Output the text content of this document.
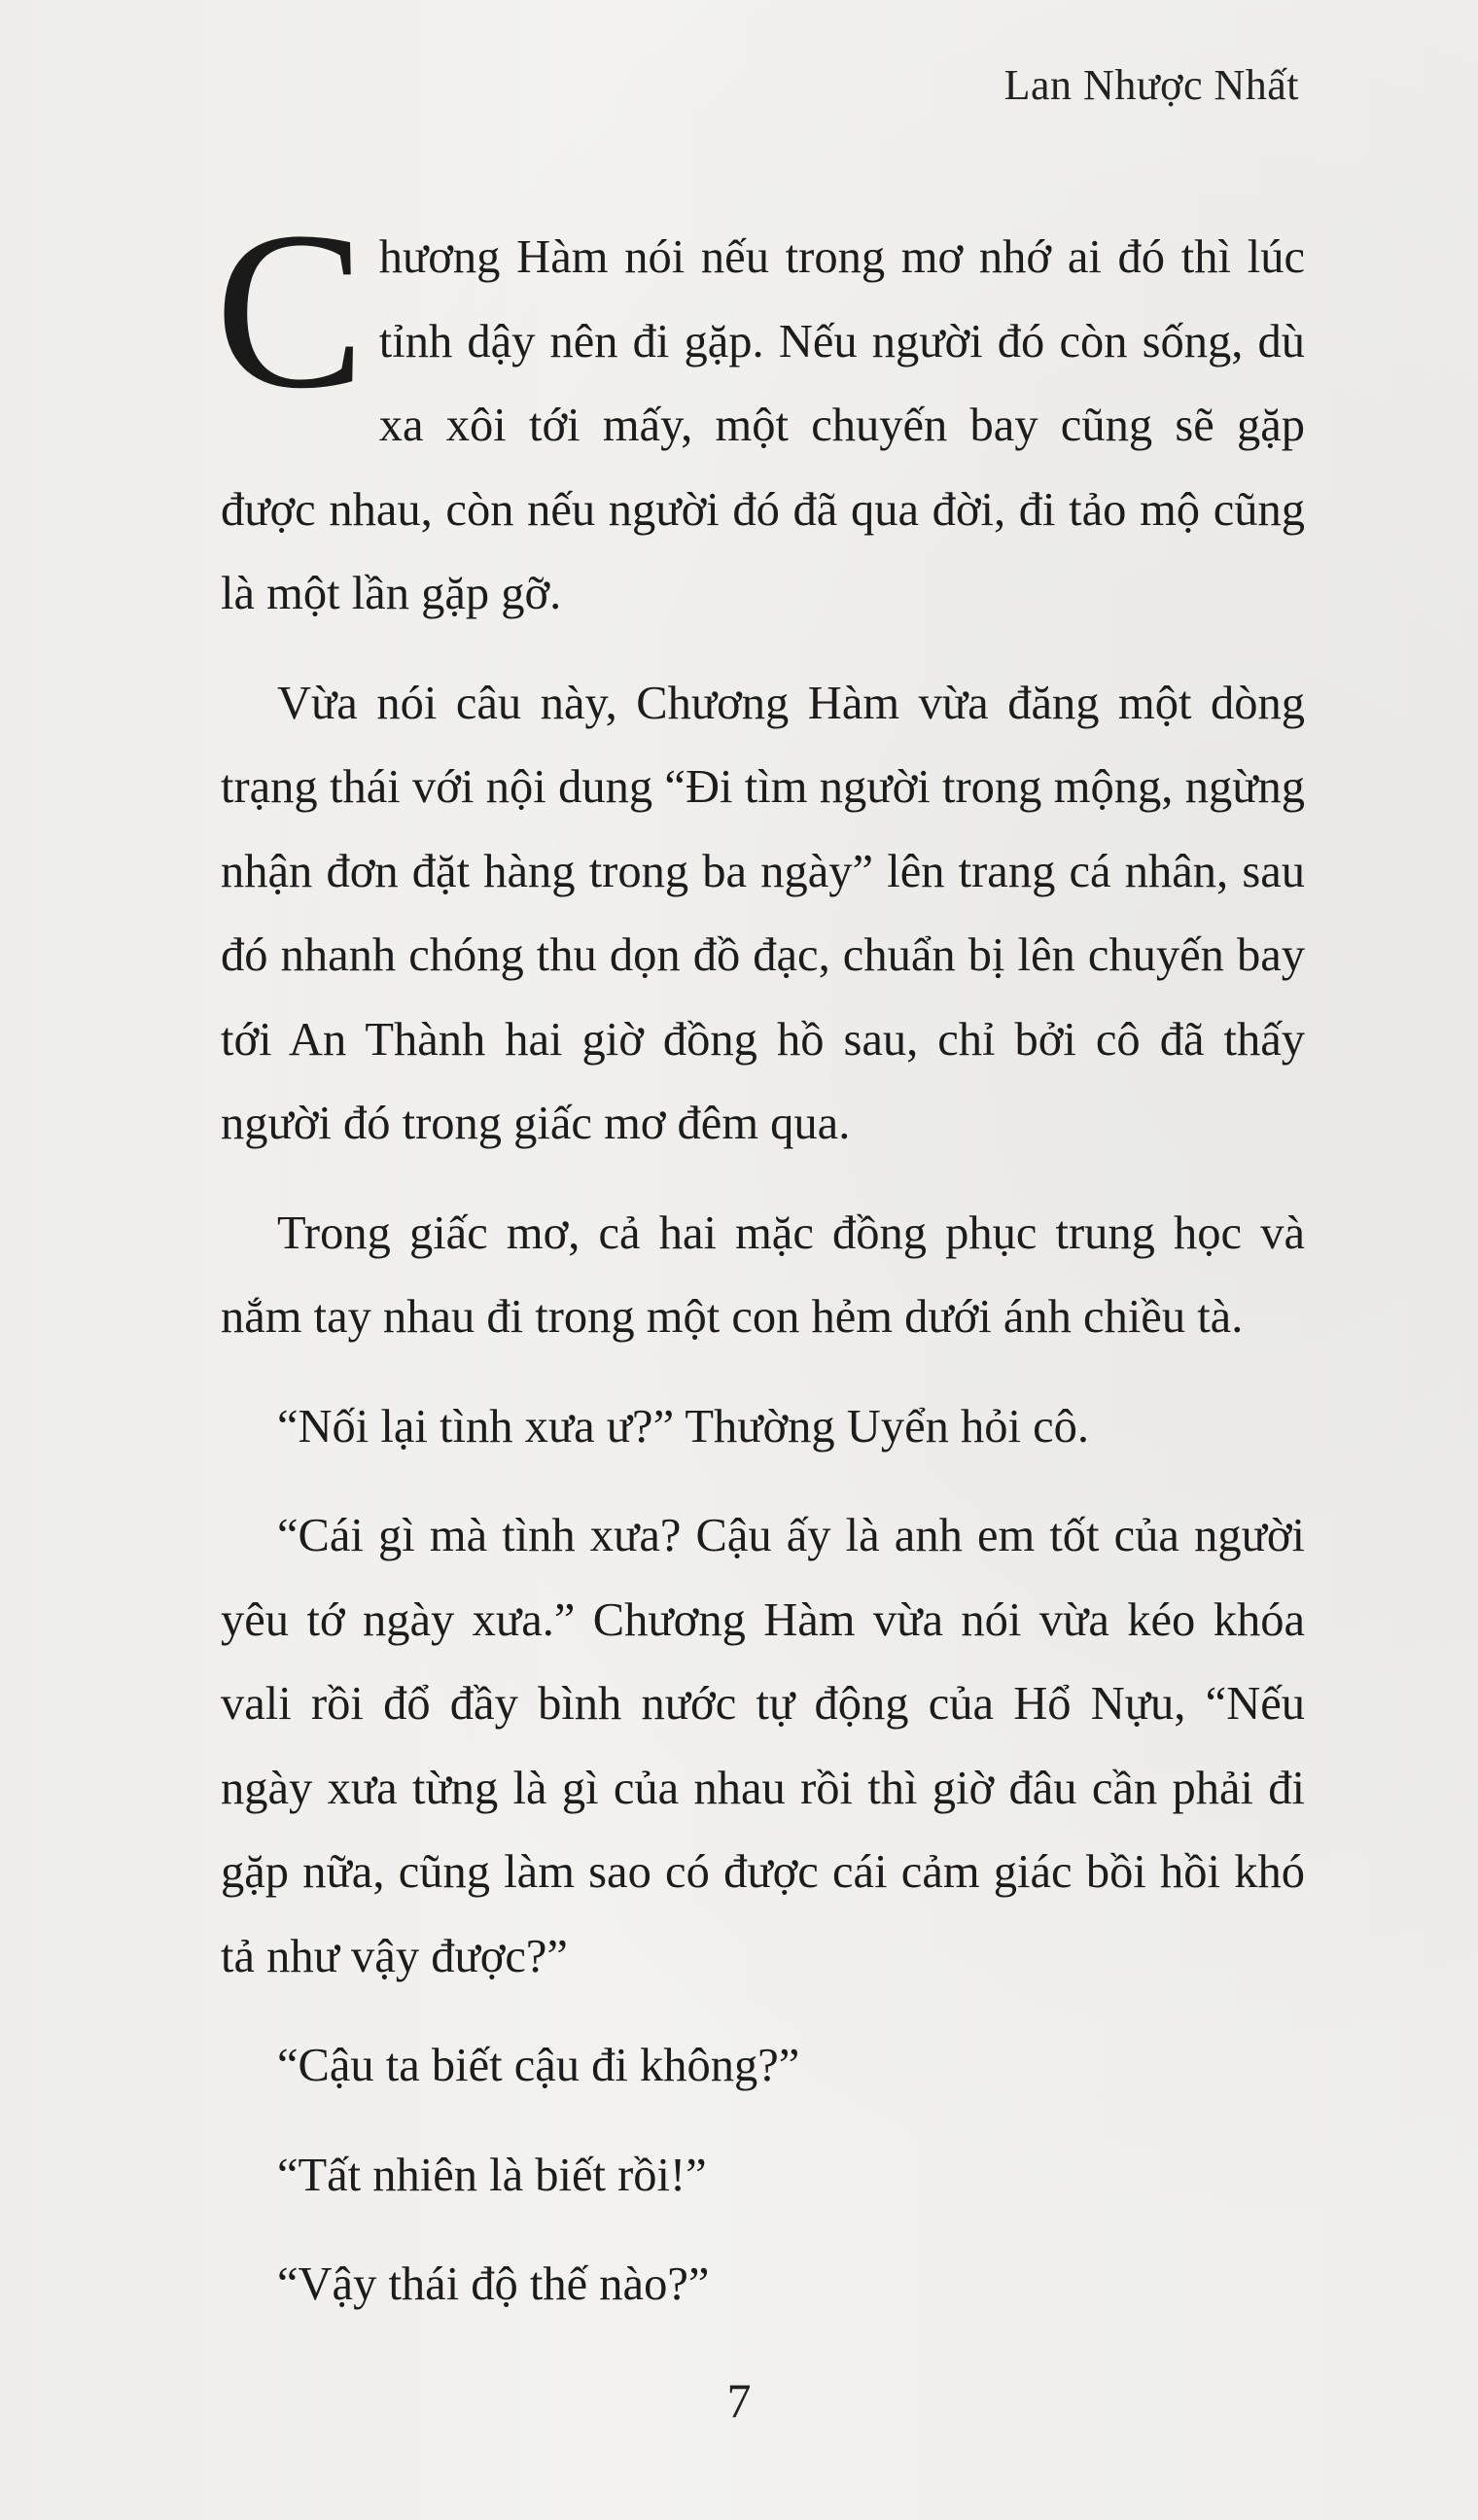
Lan Nhược Nhất

Chương Hàm nói nếu trong mơ nhớ ai đó thì lúc tỉnh dậy nên đi gặp. Nếu người đó còn sống, dù xa xôi tới mấy, một chuyến bay cũng sẽ gặp được nhau, còn nếu người đó đã qua đời, đi tảo mộ cũng là một lần gặp gỡ.

Vừa nói câu này, Chương Hàm vừa đăng một dòng trạng thái với nội dung “Đi tìm người trong mộng, ngừng nhận đơn đặt hàng trong ba ngày” lên trang cá nhân, sau đó nhanh chóng thu dọn đồ đạc, chuẩn bị lên chuyến bay tới An Thành hai giờ đồng hồ sau, chỉ bởi cô đã thấy người đó trong giấc mơ đêm qua.

Trong giấc mơ, cả hai mặc đồng phục trung học và nắm tay nhau đi trong một con hẻm dưới ánh chiều tà.

“Nối lại tình xưa ư?” Thường Uyển hỏi cô.

“Cái gì mà tình xưa? Cậu ấy là anh em tốt của người yêu tớ ngày xưa.” Chương Hàm vừa nói vừa kéo khóa vali rồi đổ đầy bình nước tự động của Hổ Nựu, “Nếu ngày xưa từng là gì của nhau rồi thì giờ đâu cần phải đi gặp nữa, cũng làm sao có được cái cảm giác bồi hồi khó tả như vậy được?”

“Cậu ta biết cậu đi không?”

“Tất nhiên là biết rồi!”

“Vậy thái độ thế nào?”

7
